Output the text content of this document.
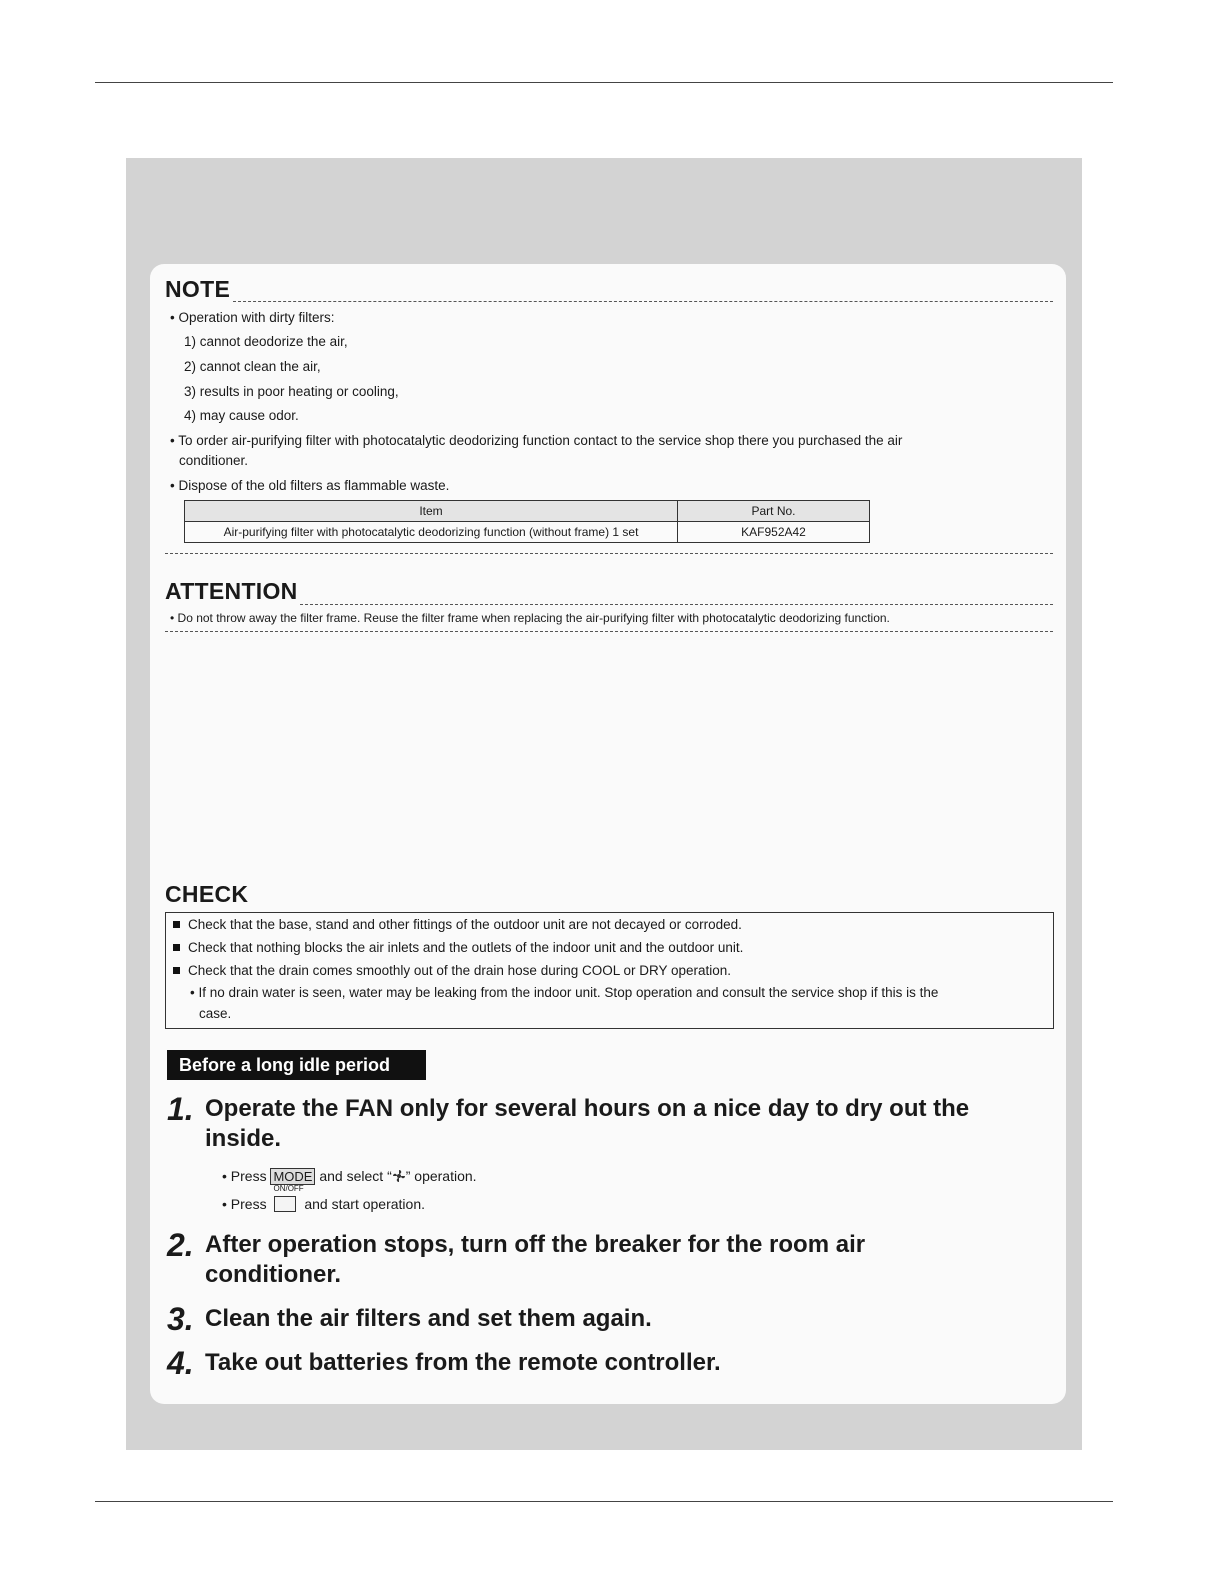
NOTE
• Operation with dirty filters:
1) cannot deodorize the air,
2) cannot clean the air,
3) results in poor heating or cooling,
4) may cause odor.
• To order air-purifying filter with photocatalytic deodorizing function contact to the service shop there you purchased the air
conditioner.
• Dispose of the old filters as flammable waste.
Item	Part No.
Air-purifying filter with photocatalytic deodorizing function (without frame) 1 set	KAF952A42
ATTENTION
• Do not throw away the filter frame. Reuse the filter frame when replacing the air-purifying filter with photocatalytic deodorizing function.
CHECK
Check that the base, stand and other fittings of the outdoor unit are not decayed or corroded.
Check that nothing blocks the air inlets and the outlets of the indoor unit and the outdoor unit.
Check that the drain comes smoothly out of the drain hose during COOL or DRY operation.
• If no drain water is seen, water may be leaking from the indoor unit. Stop operation and consult the service shop if this is the
case.
Before a long idle period
1. Operate the FAN only for several hours on a nice day to dry out the inside.
• Press MODE and select “ ” operation.
• Press
ON/OFF
and start operation.
2. After operation stops, turn off the breaker for the room air conditioner.
3. Clean the air filters and set them again.
4. Take out batteries from the remote controller.
